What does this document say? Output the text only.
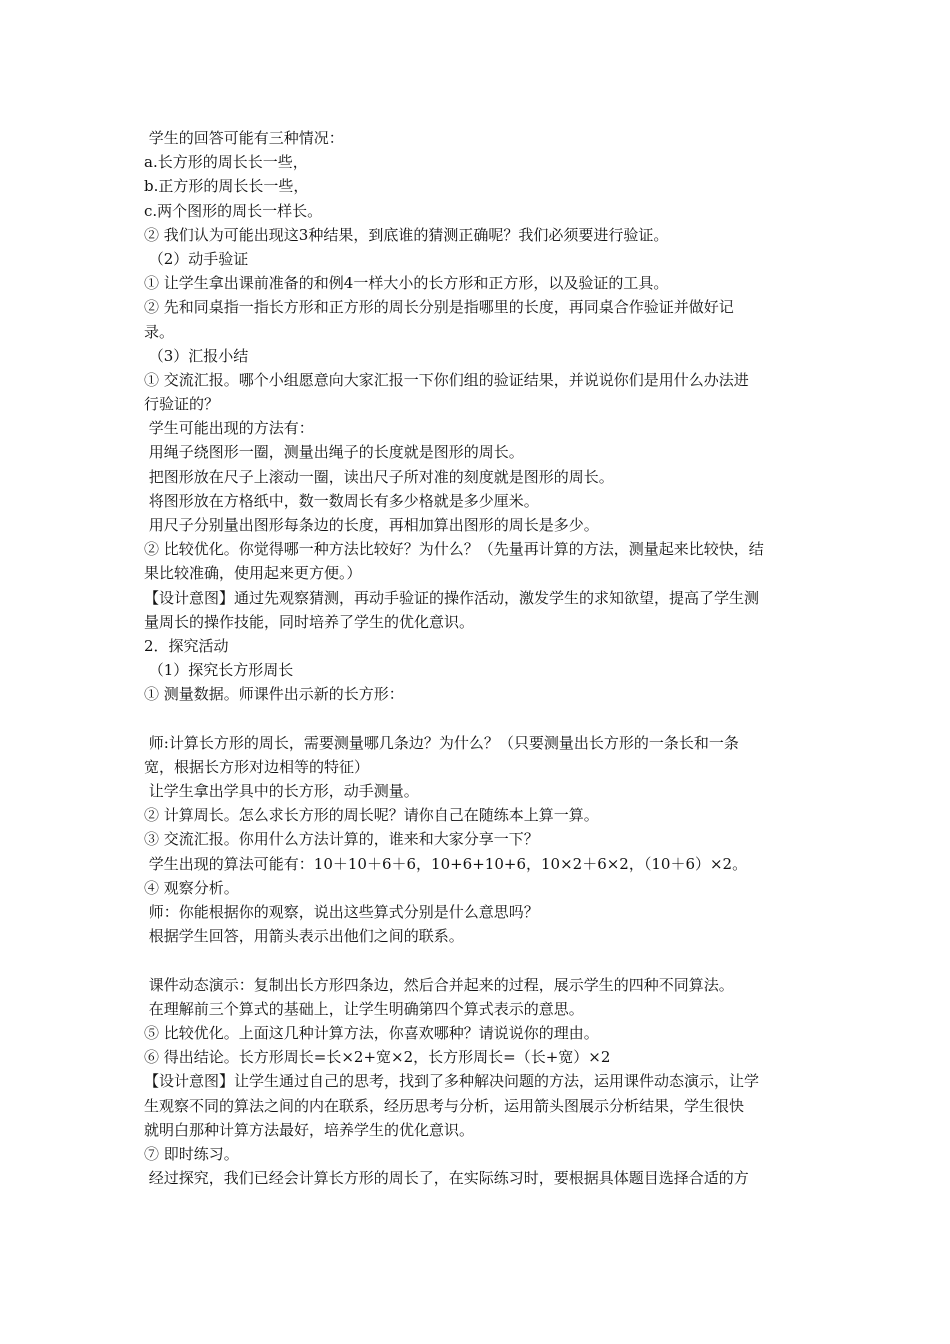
学生的回答可能有三种情况：
a.长方形的周长长一些，
b.正方形的周长长一些，
c.两个图形的周长一样长。
② 我们认为可能出现这3种结果，到底谁的猜测正确呢？我们必须要进行验证。
（2）动手验证
① 让学生拿出课前准备的和例4一样大小的长方形和正方形，以及验证的工具。
② 先和同桌指一指长方形和正方形的周长分别是指哪里的长度，再同桌合作验证并做好记
录。
（3）汇报小结
① 交流汇报。哪个小组愿意向大家汇报一下你们组的验证结果，并说说你们是用什么办法进
行验证的？
学生可能出现的方法有：
用绳子绕图形一圈，测量出绳子的长度就是图形的周长。
把图形放在尺子上滚动一圈，读出尺子所对准的刻度就是图形的周长。
将图形放在方格纸中，数一数周长有多少格就是多少厘米。
用尺子分别量出图形每条边的长度，再相加算出图形的周长是多少。
② 比较优化。你觉得哪一种方法比较好？为什么？（先量再计算的方法，测量起来比较快，结
果比较准确，使用起来更方便。）
【设计意图】通过先观察猜测，再动手验证的操作活动，激发学生的求知欲望，提高了学生测
量周长的操作技能，同时培养了学生的优化意识。
2．探究活动
（1）探究长方形周长
① 测量数据。师课件出示新的长方形：
师:计算长方形的周长，需要测量哪几条边？为什么？（只要测量出长方形的一条长和一条
宽，根据长方形对边相等的特征）
让学生拿出学具中的长方形，动手测量。
② 计算周长。怎么求长方形的周长呢？请你自己在随练本上算一算。
③ 交流汇报。你用什么方法计算的，谁来和大家分享一下？
学生出现的算法可能有：10＋10＋6＋6，10+6+10+6，10×2＋6×2，（10＋6）×2。
④ 观察分析。
师：你能根据你的观察，说出这些算式分别是什么意思吗？
根据学生回答，用箭头表示出他们之间的联系。
课件动态演示：复制出长方形四条边，然后合并起来的过程，展示学生的四种不同算法。
在理解前三个算式的基础上，让学生明确第四个算式表示的意思。
⑤ 比较优化。上面这几种计算方法，你喜欢哪种？请说说你的理由。
⑥ 得出结论。长方形周长=长×2+宽×2，长方形周长=（长+宽）×2
【设计意图】让学生通过自己的思考，找到了多种解决问题的方法，运用课件动态演示，让学
生观察不同的算法之间的内在联系，经历思考与分析，运用箭头图展示分析结果，学生很快
就明白那种计算方法最好，培养学生的优化意识。
⑦ 即时练习。
经过探究，我们已经会计算长方形的周长了，在实际练习时，要根据具体题目选择合适的方
